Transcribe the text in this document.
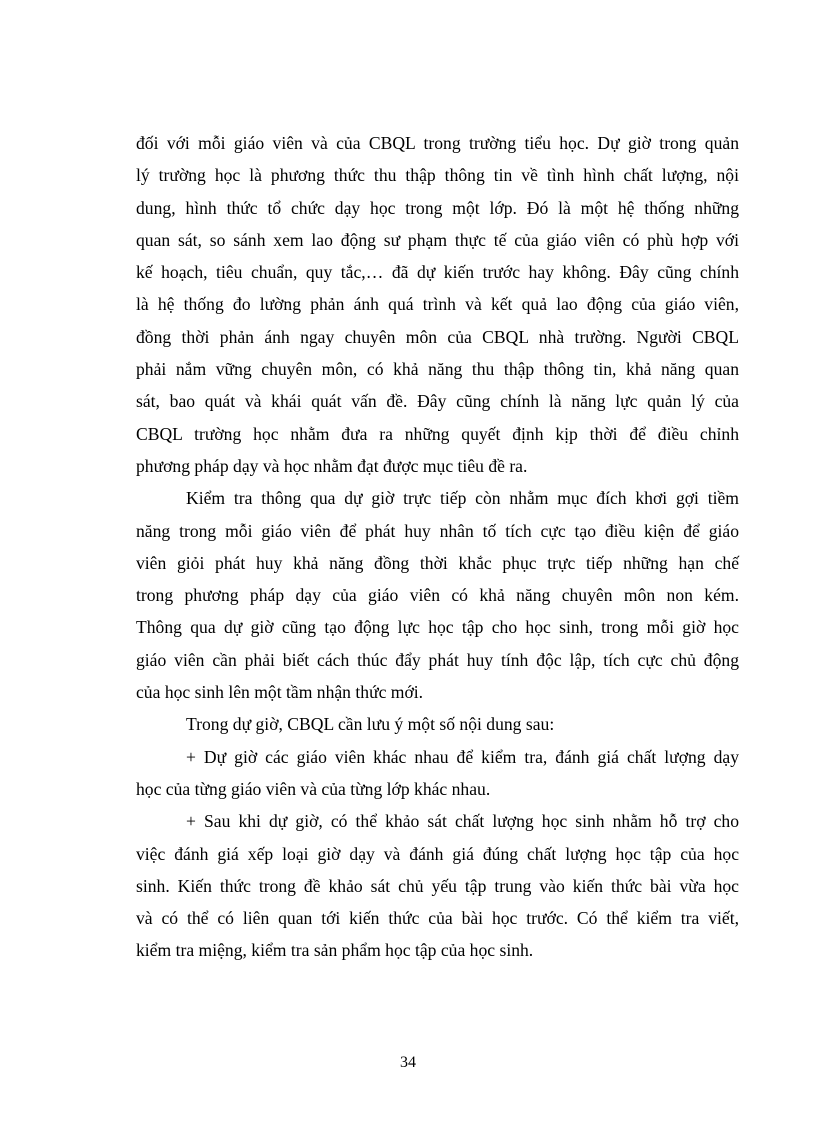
đối với mỗi giáo viên và của CBQL trong trường tiểu học. Dự giờ trong quản
lý trường học là phương thức thu thập thông tin về tình hình chất lượng, nội
dung, hình thức tổ chức dạy học trong một lớp. Đó là một hệ thống những
quan sát, so sánh xem lao động sư phạm thực tế của giáo viên có phù hợp với
kế hoạch, tiêu chuẩn, quy tắc,… đã dự kiến trước hay không. Đây cũng chính
là hệ thống đo lường phản ánh quá trình và kết quả lao động của giáo viên,
đồng thời phản ánh ngay chuyên môn của CBQL nhà trường. Người CBQL
phải nắm vững chuyên môn, có khả năng thu thập thông tin, khả năng quan
sát, bao quát và khái quát vấn đề. Đây cũng chính là năng lực quản lý của
CBQL trường học nhằm đưa ra những quyết định kịp thời để điều chỉnh
phương pháp dạy và học nhằm đạt được mục tiêu đề ra.
Kiểm tra thông qua dự giờ trực tiếp còn nhằm mục đích khơi gợi tiềm
năng trong mỗi giáo viên để phát huy nhân tố tích cực tạo điều kiện để giáo
viên giỏi phát huy khả năng đồng thời khắc phục trực tiếp những hạn chế
trong phương pháp dạy của giáo viên có khả năng chuyên môn non kém.
Thông qua dự giờ cũng tạo động lực học tập cho học sinh, trong mỗi giờ học
giáo viên cần phải biết cách thúc đẩy phát huy tính độc lập, tích cực chủ động
của học sinh lên một tầm nhận thức mới.
Trong dự giờ, CBQL cần lưu ý một số nội dung sau:
+ Dự giờ các giáo viên khác nhau để kiểm tra, đánh giá chất lượng dạy
học của từng giáo viên và của từng lớp khác nhau.
+ Sau khi dự giờ, có thể khảo sát chất lượng học sinh nhằm hỗ trợ cho
việc đánh giá xếp loại giờ dạy và đánh giá đúng chất lượng học tập của học
sinh. Kiến thức trong đề khảo sát chủ yếu tập trung vào kiến thức bài vừa học
và có thể có liên quan tới kiến thức của bài học trước. Có thể kiểm tra viết,
kiểm tra miệng, kiểm tra sản phẩm học tập của học sinh.
34
